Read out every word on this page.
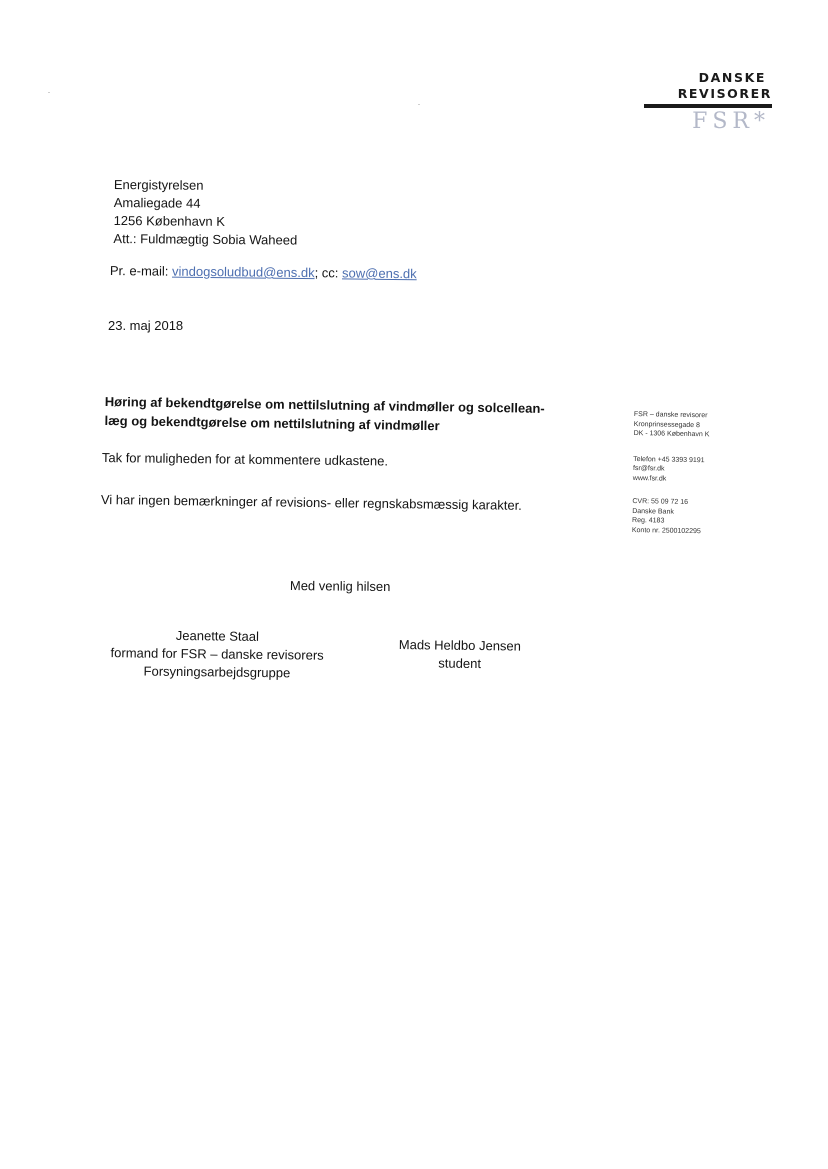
DANSKE
REVISORER
FSR*
Energistyrelsen
Amaliegade 44
1256 København K
Att.: Fuldmægtig Sobia Waheed
Pr. e-mail: vindogsoludbud@ens.dk; cc: sow@ens.dk
23. maj 2018
Høring af bekendtgørelse om nettilslutning af vindmøller og solcellean-
læg og bekendtgørelse om nettilslutning af vindmøller
Tak for muligheden for at kommentere udkastene.
Vi har ingen bemærkninger af revisions- eller regnskabsmæssig karakter.
FSR – danske revisorer
Kronprinsessegade 8
DK - 1306 København K
Telefon +45 3393 9191
fsr@fsr.dk
www.fsr.dk
CVR: 55 09 72 16
Danske Bank
Reg. 4183
Konto nr. 2500102295
Med venlig hilsen
Jeanette Staal
formand for FSR – danske revisorers
Forsyningsarbejdsgruppe
Mads Heldbo Jensen
student
